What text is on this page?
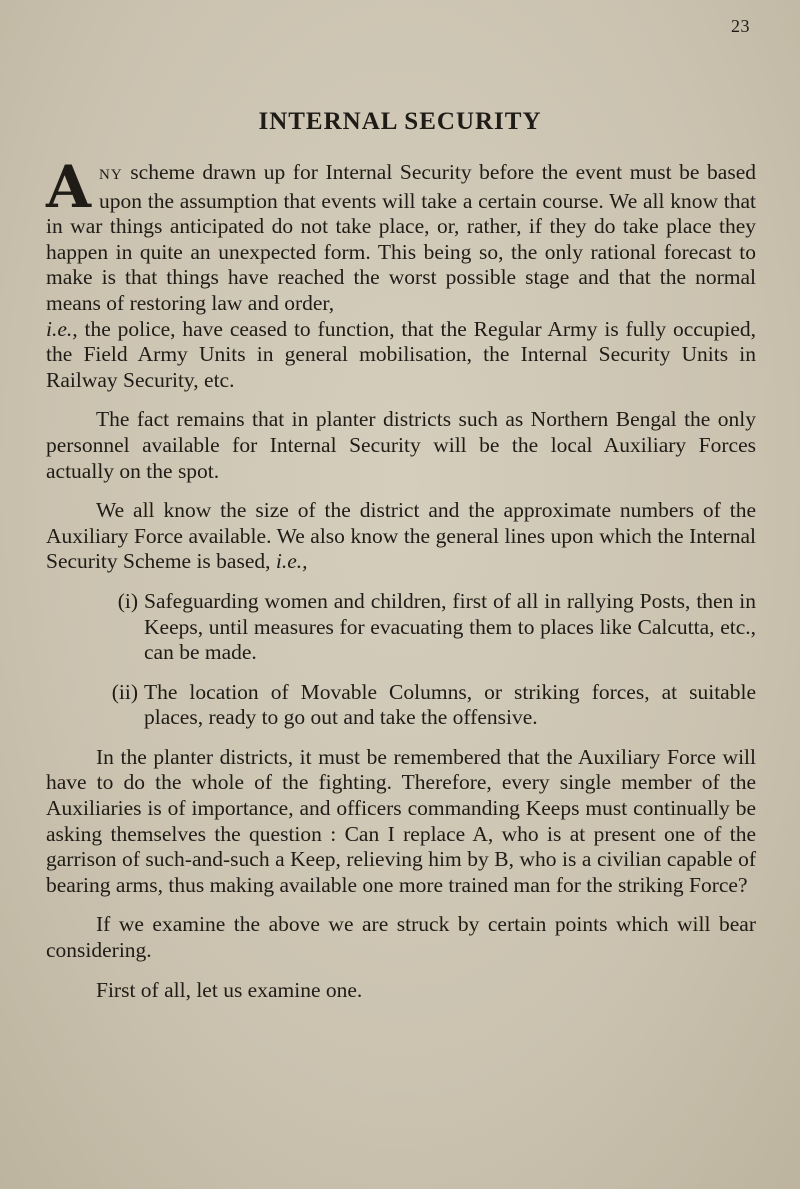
23
INTERNAL SECURITY

ANY scheme drawn up for Internal Security before the event must be based upon the assumption that events will take a certain course. We all know that in war things anticipated do not take place, or, rather, if they do take place they happen in quite an unexpected form. This being so, the only rational forecast to make is that things have reached the worst possible stage and that the normal means of restoring law and order,
i.e., the police, have ceased to function, that the Regular Army is fully occupied, the Field Army Units in general mobilisation, the Internal Security Units in Railway Security, etc.

The fact remains that in planter districts such as Northern Bengal the only personnel available for Internal Security will be the local Auxiliary Forces actually on the spot.

We all know the size of the district and the approximate numbers of the Auxiliary Force available. We also know the general lines upon which the Internal Security Scheme is based, i.e.,

(i) Safeguarding women and children, first of all in rallying Posts, then in Keeps, until measures for evacuating them to places like Calcutta, etc., can be made.
(ii) The location of Movable Columns, or striking forces, at suitable places, ready to go out and take the offensive.

In the planter districts, it must be remembered that the Auxiliary Force will have to do the whole of the fighting. Therefore, every single member of the Auxiliaries is of importance, and officers commanding Keeps must continually be asking themselves the question : Can I replace A, who is at present one of the garrison of such-and-such a Keep, relieving him by B, who is a civilian capable of bearing arms, thus making available one more trained man for the striking Force?

If we examine the above we are struck by certain points which will bear considering.

First of all, let us examine one.
